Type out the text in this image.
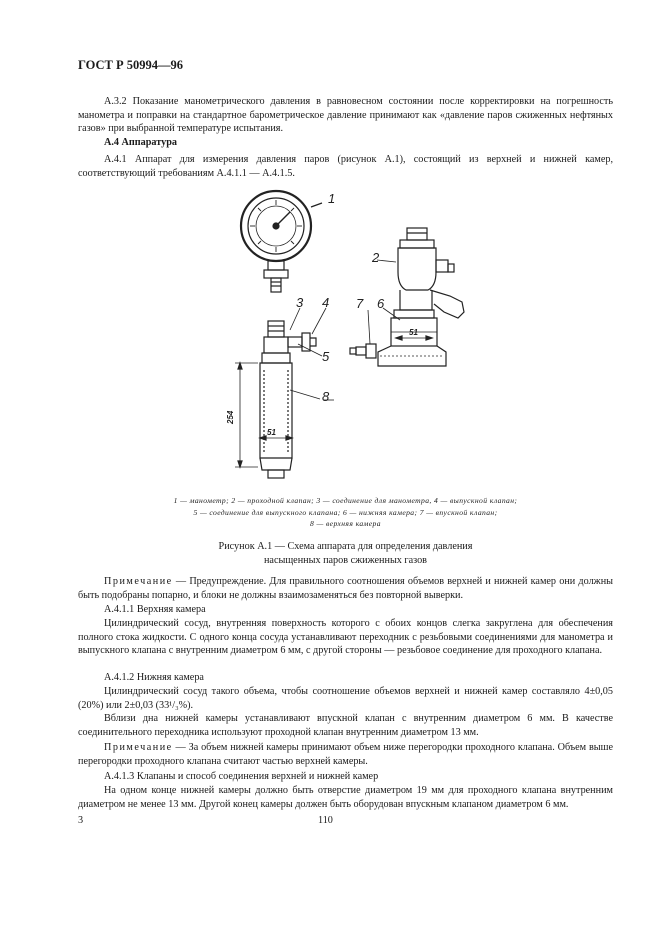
ГОСТ Р 50994—96
А.3.2 Показание манометрического давления в равновесном состоянии после корректировки на погрешность манометра и поправки на стандартное барометрическое давление принимают как «давление паров сжиженных нефтяных газов» при выбранной температуре испытания.
А.4 Аппаратура
А.4.1 Аппарат для измерения давления паров (рисунок А.1), состоящий из верхней и нижней камер, соответствующий требованиям А.4.1.1 — А.4.1.5.
1
2
3 4
5
6
7
8
254
51
51
1 — манометр; 2 — проходной клапан; 3 — соединение для манометра, 4 — выпускной клапан;
5 — соединение для выпускного клапана; 6 — нижняя камера; 7 — впускной клапан;
8 — верхняя камера
Рисунок А.1 — Схема аппарата для определения давления
насыщенных паров сжиженных газов
Примечание — Предупреждение. Для правильного соотношения объемов верхней и нижней камер они должны быть подобраны попарно, и блоки не должны взаимозаменяться без повторной выверки.
А.4.1.1 Верхняя камера
Цилиндрический сосуд, внутренняя поверхность которого с обоих концов слегка закруглена для обеспечения полного стока жидкости. С одного конца сосуда устанавливают переходник с резьбовыми соединениями для манометра и выпускного клапана с внутренним диаметром 6 мм, с другой стороны — резьбовое соединение для проходного клапана.
А.4.1.2 Нижняя камера
Цилиндрический сосуд такого объема, чтобы соотношение объемов верхней и нижней камер составляло 4±0,05 (20%) или 2±0,03 (33¹/₃%).
Вблизи дна нижней камеры устанавливают впускной клапан с внутренним диаметром 6 мм. В качестве соединительного переходника используют проходной клапан внутренним диаметром 13 мм.
Примечание — За объем нижней камеры принимают объем ниже перегородки проходного клапана. Объем выше перегородки проходного клапана считают частью верхней камеры.
А.4.1.3 Клапаны и способ соединения верхней и нижней камер
На одном конце нижней камеры должно быть отверстие диаметром 19 мм для проходного клапана внутренним диаметром не менее 13 мм. Другой конец камеры должен быть оборудован впускным клапаном диаметром 6 мм.
3	110
